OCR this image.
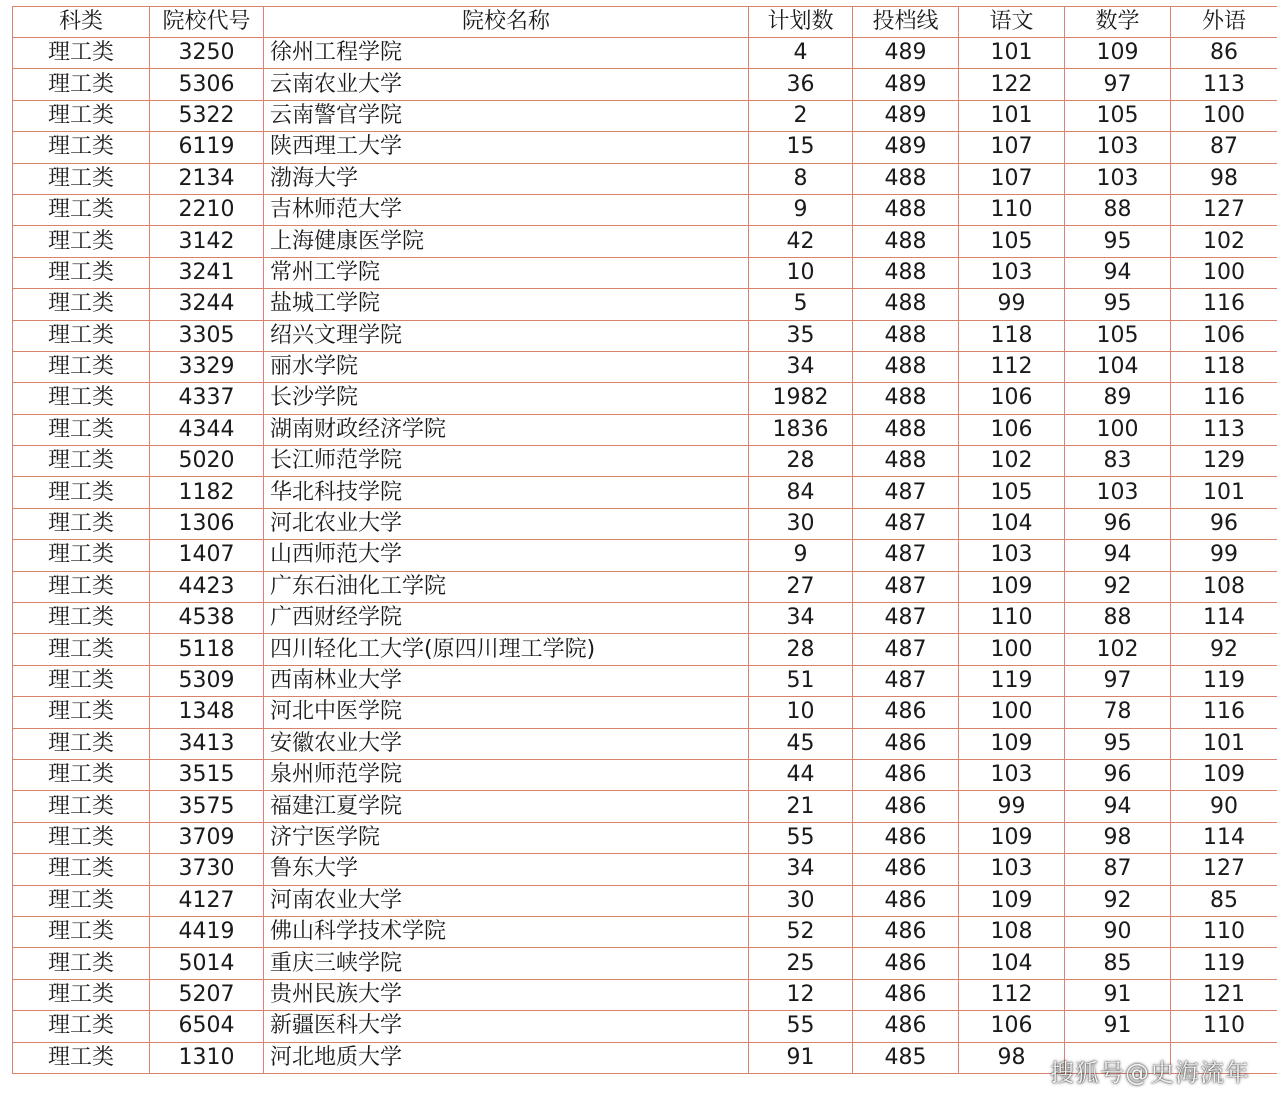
科类	院校代号	院校名称	计划数	投档线	语文	数学	外语
理工类	3250	徐州工程学院	4	489	101	109	86
理工类	5306	云南农业大学	36	489	122	97	113
理工类	5322	云南警官学院	2	489	101	105	100
理工类	6119	陕西理工大学	15	489	107	103	87
理工类	2134	渤海大学	8	488	107	103	98
理工类	2210	吉林师范大学	9	488	110	88	127
理工类	3142	上海健康医学院	42	488	105	95	102
理工类	3241	常州工学院	10	488	103	94	100
理工类	3244	盐城工学院	5	488	99	95	116
理工类	3305	绍兴文理学院	35	488	118	105	106
理工类	3329	丽水学院	34	488	112	104	118
理工类	4337	长沙学院	1982	488	106	89	116
理工类	4344	湖南财政经济学院	1836	488	106	100	113
理工类	5020	长江师范学院	28	488	102	83	129
理工类	1182	华北科技学院	84	487	105	103	101
理工类	1306	河北农业大学	30	487	104	96	96
理工类	1407	山西师范大学	9	487	103	94	99
理工类	4423	广东石油化工学院	27	487	109	92	108
理工类	4538	广西财经学院	34	487	110	88	114
理工类	5118	四川轻化工大学(原四川理工学院)	28	487	100	102	92
理工类	5309	西南林业大学	51	487	119	97	119
理工类	1348	河北中医学院	10	486	100	78	116
理工类	3413	安徽农业大学	45	486	109	95	101
理工类	3515	泉州师范学院	44	486	103	96	109
理工类	3575	福建江夏学院	21	486	99	94	90
理工类	3709	济宁医学院	55	486	109	98	114
理工类	3730	鲁东大学	34	486	103	87	127
理工类	4127	河南农业大学	30	486	109	92	85
理工类	4419	佛山科学技术学院	52	486	108	90	110
理工类	5014	重庆三峡学院	25	486	104	85	119
理工类	5207	贵州民族大学	12	486	112	91	121
理工类	6504	新疆医科大学	55	486	106	91	110
理工类	1310	河北地质大学	91	485	98		
搜狐号@史海流年
